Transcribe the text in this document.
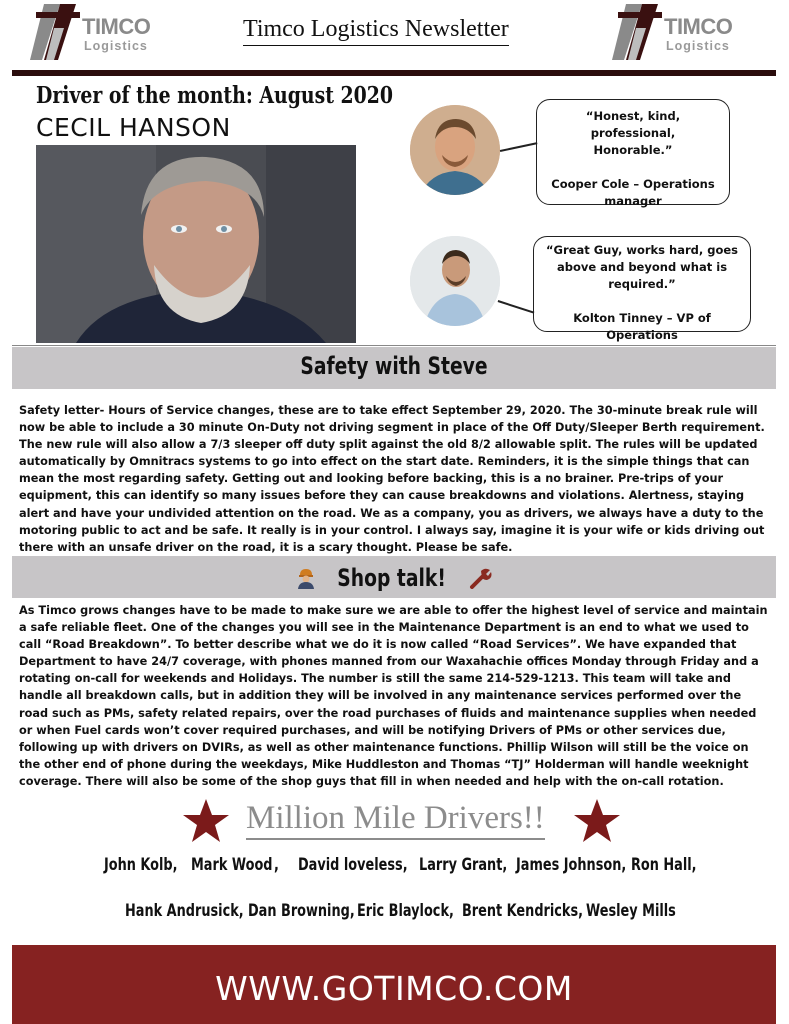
TIMCO
Logistics
Timco Logistics Newsletter	TIMCO
Logistics
Driver of the month: August 2020
CECIL HANSON	“Honest, kind, professional,
Honorable.”
Cooper Cole – Operations
manager
“Great Guy, works hard, goes
above and beyond what is
required.”
Kolton Tinney – VP of Operations
Safety with Steve
Safety letter- Hours of Service changes, these are to take effect September 29, 2020. The 30-minute break rule will now be able to include a 30 minute On-Duty not driving segment in place of the Off Duty/Sleeper Berth requirement. The new rule will also allow a 7/3 sleeper off duty split against the old 8/2 allowable split. The rules will be updated automatically by Omnitracs systems to go into effect on the start date. Reminders, it is the simple things that can mean the most regarding safety. Getting out and looking before backing, this is a no brainer. Pre-trips of your equipment, this can identify so many issues before they can cause breakdowns and violations. Alertness, staying alert and have your undivided attention on the road. We as a company, you as drivers, we always have a duty to the motoring public to act and be safe. It really is in your control. I always say, imagine it is your wife or kids driving out there with an unsafe driver on the road, it is a scary thought. Please be safe.
Shop talk!
As Timco grows changes have to be made to make sure we are able to offer the highest level of service and maintain a safe reliable fleet. One of the changes you will see in the Maintenance Department is an end to what we used to call “Road Breakdown”. To better describe what we do it is now called “Road Services”. We have expanded that Department to have 24/7 coverage, with phones manned from our Waxahachie offices Monday through Friday and a rotating on-call for weekends and Holidays. The number is still the same 214-529-1213. This team will take and handle all breakdown calls, but in addition they will be involved in any maintenance services performed over the road such as PMs, safety related repairs, over the road purchases of fluids and maintenance supplies when needed or when Fuel cards won’t cover required purchases, and will be notifying Drivers of PMs or other services due, following up with drivers on DVIRs, as well as other maintenance functions. Phillip Wilson will still be the voice on the other end of phone during the weekdays, Mike Huddleston and Thomas “TJ” Holderman will handle weeknight coverage. There will also be some of the shop guys that fill in when needed and help with the on-call rotation.
Million Mile Drivers!!
John Kolb, Mark Wood , David loveless, Larry Grant, James Johnson, Ron Hall,
Hank Andrusick, Dan Browning, Eric Blaylock, Brent Kendricks, Wesley Mills
WWW.GOTIMCO.COM
